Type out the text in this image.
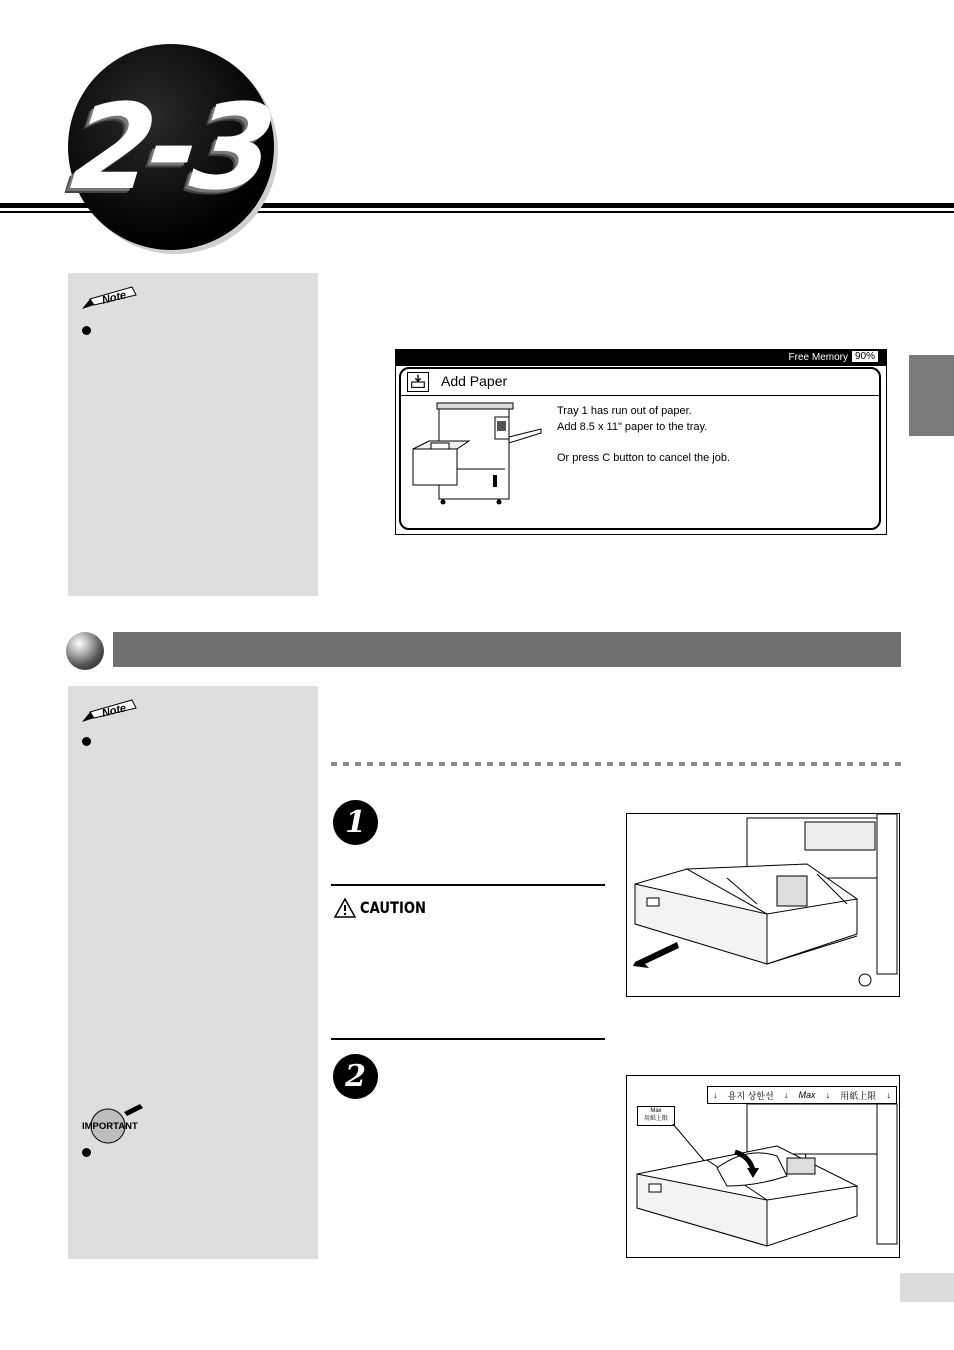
2-3
Note
Free Memory 90%
Add Paper
Tray 1 has run out of paper.
Add 8.5 x 11" paper to the tray.
Or press C button to cancel the job.
Note
IMPORTANT
1
CAUTION
2
↓ 용지 상한선 ↓ Max ↓ 用紙上限 ↓
Max
用紙上限
